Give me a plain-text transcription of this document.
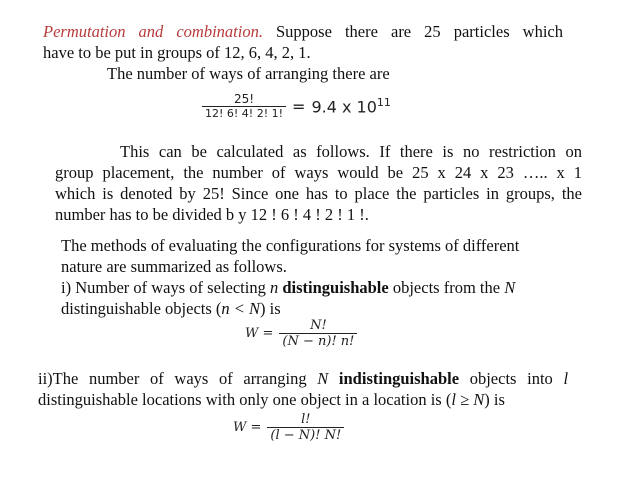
Permutation and combination. Suppose there are 25 particles which
have to be put in groups of 12, 6, 4, 2, 1.
The number of ways of arranging there are
$\frac{25!}{12! 6! 4! 2! 1!} = 9.4$ x $10^{11}$
This can be calculated as follows. If there is no restriction on
group placement, the number of ways would be 25 x 24 x 23 ….. x 1
which is denoted by 25! Since one has to place the particles in groups, the
number has to be divided b y 12 ! 6 ! 4 ! 2 ! 1 !.
The methods of evaluating the configurations for systems of different
nature are summarized as follows.
i) Number of ways of selecting n distinguishable objects from the N
distinguishable objects (n < N) is
$W = \frac{N!}{(N - n)! n!}$
ii)The number of ways of arranging N indistinguishable objects into l
distinguishable locations with only one object in a location is (l ≥ N) is
$W = \frac{l!}{(l - N)! N!}$
